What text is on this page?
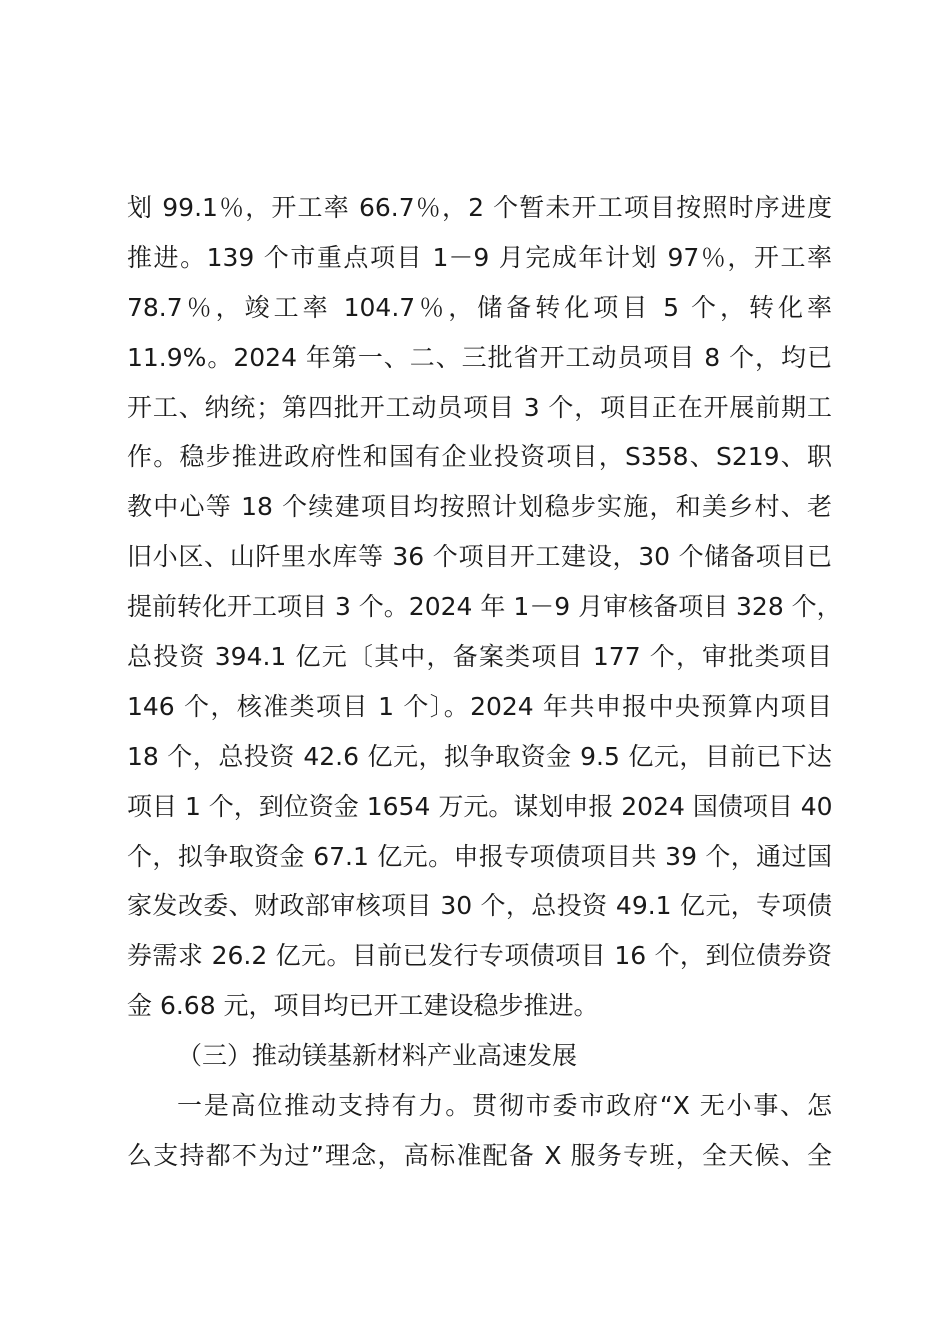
划 99.1％，开工率 66.7％，2 个暂未开工项目按照时序进度
推进。139 个市重点项目 1－9 月完成年计划 97％，开工率
78.7％，竣工率 104.7％，储备转化项目 5 个，转化率
11.9%。2024 年第一、二、三批省开工动员项目 8 个，均已
开工、纳统；第四批开工动员项目 3 个，项目正在开展前期工
作。稳步推进政府性和国有企业投资项目，S358、S219、职
教中心等 18 个续建项目均按照计划稳步实施，和美乡村、老
旧小区、山阡里水库等 36 个项目开工建设，30 个储备项目已
提前转化开工项目 3 个。2024 年 1－9 月审核备项目 328 个，
总投资 394.1 亿元〔其中，备案类项目 177 个，审批类项目
146 个，核准类项目 1 个〕。2024 年共申报中央预算内项目
18 个，总投资 42.6 亿元，拟争取资金 9.5 亿元，目前已下达
项目 1 个，到位资金 1654 万元。谋划申报 2024 国债项目 40
个，拟争取资金 67.1 亿元。申报专项债项目共 39 个，通过国
家发改委、财政部审核项目 30 个，总投资 49.1 亿元，专项债
券需求 26.2 亿元。目前已发行专项债项目 16 个，到位债券资
金 6.68 元，项目均已开工建设稳步推进。
（三）推动镁基新材料产业高速发展
一是高位推动支持有力。贯彻市委市政府“X 无小事、怎
么支持都不为过”理念，高标准配备 X 服务专班，全天候、全
